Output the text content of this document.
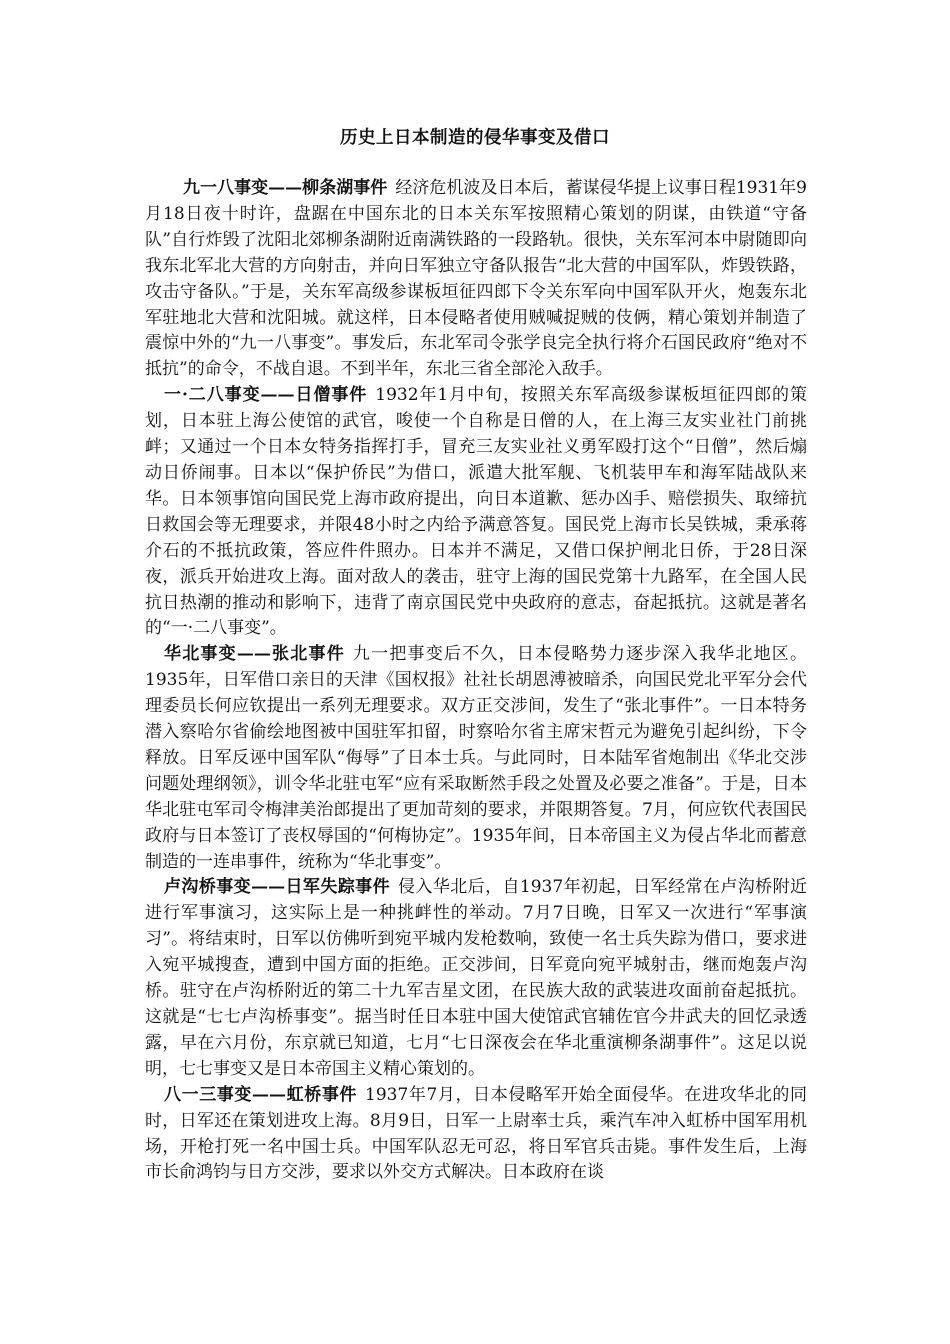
历史上日本制造的侵华事变及借口

九一八事变——柳条湖事件 经济危机波及日本后，蓄谋侵华提上议事日程1931年9月18日夜十时许，盘踞在中国东北的日本关东军按照精心策划的阴谋，由铁道“守备队”自行炸毁了沈阳北郊柳条湖附近南满铁路的一段路轨。很快，关东军河本中尉随即向我东北军北大营的方向射击，并向日军独立守备队报告“北大营的中国军队，炸毁铁路，攻击守备队。”于是，关东军高级参谋板垣征四郎下令关东军向中国军队开火，炮轰东北军驻地北大营和沈阳城。就这样，日本侵略者使用贼喊捉贼的伎俩，精心策划并制造了震惊中外的“九一八事变”。事发后，东北军司令张学良完全执行将介石国民政府“绝对不抵抗”的命令，不战自退。不到半年，东北三省全部沦入敌手。

一·二八事变——日僧事件 1932年1月中旬，按照关东军高级参谋板垣征四郎的策划，日本驻上海公使馆的武官，唆使一个自称是日僧的人，在上海三友实业社门前挑衅；又通过一个日本女特务指挥打手，冒充三友实业社义勇军殴打这个“日僧”，然后煽动日侨闹事。日本以“保护侨民”为借口，派遣大批军舰、飞机装甲车和海军陆战队来华。日本领事馆向国民党上海市政府提出，向日本道歉、惩办凶手、赔偿损失、取缔抗日救国会等无理要求，并限48小时之内给予满意答复。国民党上海市长吴铁城，秉承蒋介石的不抵抗政策，答应件件照办。日本并不满足，又借口保护闸北日侨，于28日深夜，派兵开始进攻上海。面对敌人的袭击，驻守上海的国民党第十九路军，在全国人民抗日热潮的推动和影响下，违背了南京国民党中央政府的意志，奋起抵抗。这就是著名的“一·二八事变”。

华北事变——张北事件 九一把事变后不久，日本侵略势力逐步深入我华北地区。1935年，日军借口亲日的天津《国权报》社社长胡恩溥被暗杀，向国民党北平军分会代理委员长何应钦提出一系列无理要求。双方正交涉间，发生了“张北事件”。一日本特务潜入察哈尔省偷绘地图被中国驻军扣留，时察哈尔省主席宋哲元为避免引起纠纷，下令释放。日军反诬中国军队“侮辱”了日本士兵。与此同时，日本陆军省炮制出《华北交涉问题处理纲领》，训令华北驻屯军“应有采取断然手段之处置及必要之准备”。于是，日本华北驻屯军司令梅津美治郎提出了更加苛刻的要求，并限期答复。7月，何应钦代表国民政府与日本签订了丧权辱国的“何梅协定”。1935年间，日本帝国主义为侵占华北而蓄意制造的一连串事件，统称为“华北事变”。

卢沟桥事变——日军失踪事件 侵入华北后，自1937年初起，日军经常在卢沟桥附近进行军事演习，这实际上是一种挑衅性的举动。7月7日晚，日军又一次进行“军事演习”。将结束时，日军以仿佛听到宛平城内发枪数响，致使一名士兵失踪为借口，要求进入宛平城搜查，遭到中国方面的拒绝。正交涉间，日军竟向宛平城射击，继而炮轰卢沟桥。驻守在卢沟桥附近的第二十九军吉星文团，在民族大敌的武装进攻面前奋起抵抗。这就是“七七卢沟桥事变”。据当时任日本驻中国大使馆武官辅佐官今井武夫的回忆录透露，早在六月份，东京就已知道，七月“七日深夜会在华北重演柳条湖事件”。这足以说明，七七事变又是日本帝国主义精心策划的。

八一三事变——虹桥事件 1937年7月，日本侵略军开始全面侵华。在进攻华北的同时，日军还在策划进攻上海。8月9日，日军一上尉率士兵，乘汽车冲入虹桥中国军用机场，开枪打死一名中国士兵。中国军队忍无可忍，将日军官兵击毙。事件发生后，上海市长俞鸿钧与日方交涉，要求以外交方式解决。日本政府在谈
